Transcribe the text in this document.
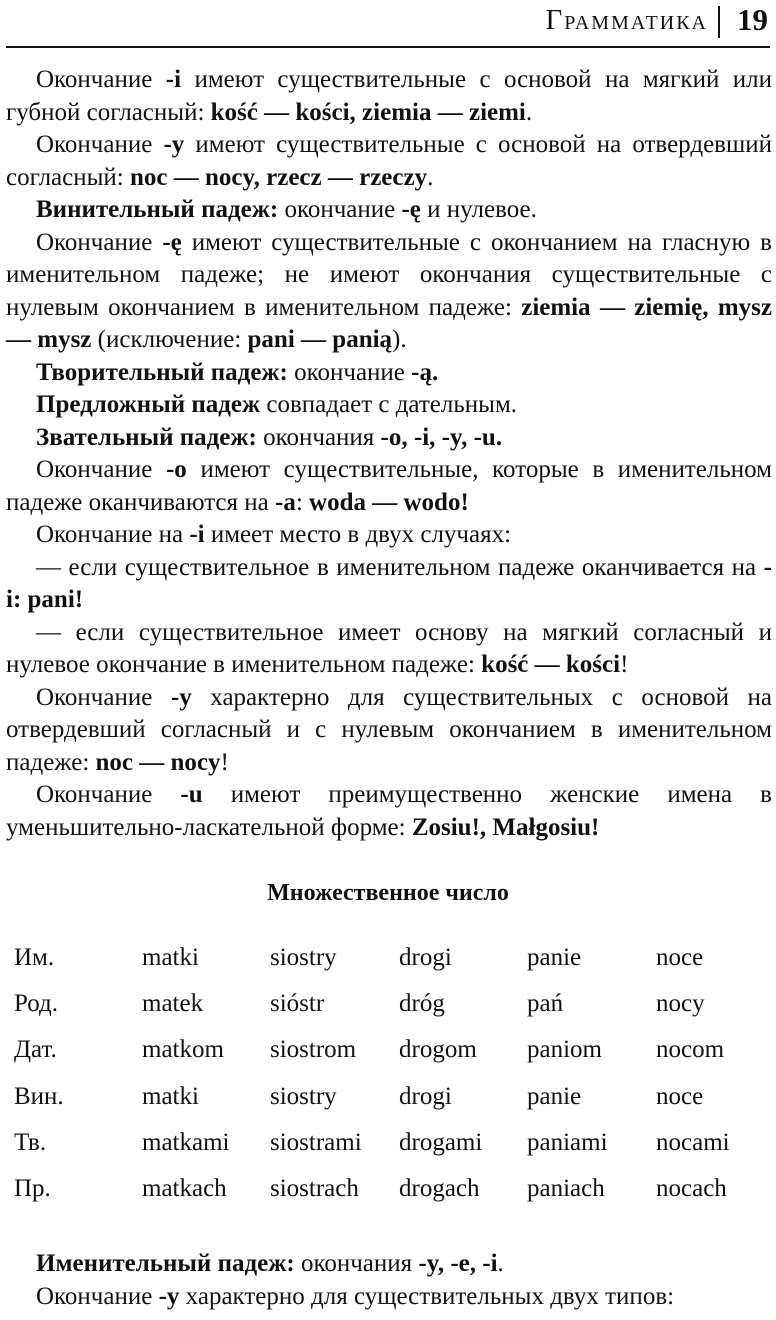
Грамматика 19

Окончание -i имеют существительные с основой на мягкий или губной согласный: kość — kości, ziemia — ziemi.

Окончание -y имеют существительные с основой на отвердевший согласный: noc — nocy, rzecz — rzeczy.

Винительный падеж: окончание -ę и нулевое.

Окончание -ę имеют существительные с окончанием на гласную в именительном падеже; не имеют окончания существительные с нулевым окончанием в именительном падеже: ziemia — ziemię, mysz — mysz (исключение: pani — panią).

Творительный падеж: окончание -ą.

Предложный падеж совпадает с дательным.

Звательный падеж: окончания -o, -i, -y, -u.

Окончание -o имеют существительные, которые в именительном падеже оканчиваются на -a: woda — wodo!

Окончание на -i имеет место в двух случаях:

— если существительное в именительном падеже оканчивается на -i: pani!

— если существительное имеет основу на мягкий согласный и нулевое окончание в именительном падеже: kość — kości!

Окончание -y характерно для существительных с основой на отвердевший согласный и с нулевым окончанием в именительном падеже: noc — nocy!

Окончание -u имеют преимущественно женские имена в уменьшительно-ласкательной форме: Zosiu!, Małgosiu!

Множественное число
Им.	matki	siostry	drogi	panie	noce
Род.	matek	sióstr	dróg	pań	nocy
Дат.	matkom	siostrom	drogom	paniom	nocom
Вин.	matki	siostry	drogi	panie	noce
Тв.	matkami	siostrami	drogami	paniami	nocami
Пр.	matkach	siostrach	drogach	paniach	nocach

Именительный падеж: окончания -y, -e, -i.

Окончание -y характерно для существительных двух типов:
